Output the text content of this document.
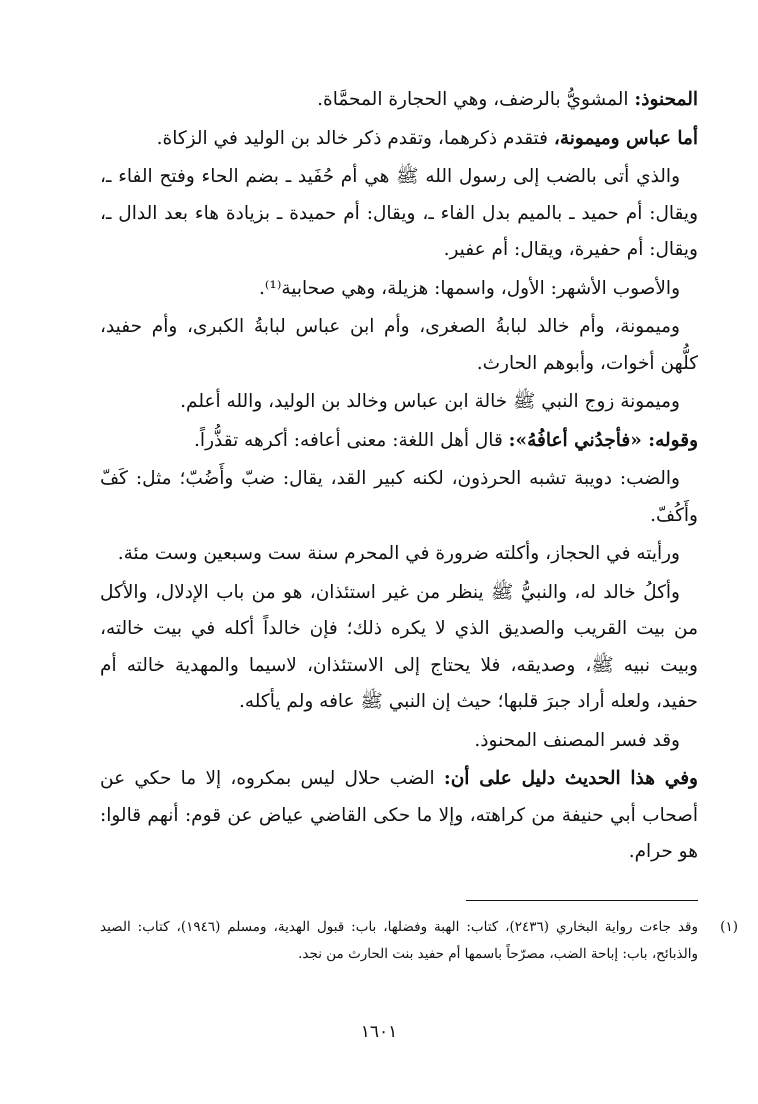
المحنوذ: المشويُّ بالرضف، وهي الحجارة المحمَّاة.

أما عباس وميمونة، فتقدم ذكرهما، وتقدم ذكر خالد بن الوليد في الزكاة.

والذي أتى بالضب إلى رسول الله ﷺ هي أم حُفَيد ـ بضم الحاء وفتح الفاء ـ، ويقال: أم حميد ـ بالميم بدل الفاء ـ، ويقال: أم حميدة ـ بزيادة هاء بعد الدال ـ، ويقال: أم حفيرة، ويقال: أم عفير.

والأصوب الأشهر: الأول، واسمها: هزيلة، وهي صحابية⁽¹⁾.

وميمونة، وأم خالد لبابةُ الصغرى، وأم ابن عباس لبابةُ الكبرى، وأم حفيد، كلُّهن أخوات، وأبوهم الحارث.

وميمونة زوج النبي ﷺ خالة ابن عباس وخالد بن الوليد، والله أعلم.

وقوله: «فأجدُني أعافُهُ»: قال أهل اللغة: معنى أعافه: أكرهه تقذُّراً.

والضب: دويبة تشبه الحرذون، لكنه كبير القد، يقال: ضبّ وأَضُبّ؛ مثل: كَفّ وأَكُفّ.

ورأيته في الحجاز، وأكلته ضرورة في المحرم سنة ست وسبعين وست مئة.

وأكلُ خالد له، والنبيُّ ﷺ ينظر من غير استئذان، هو من باب الإدلال، والأكل من بيت القريب والصديق الذي لا يكره ذلك؛ فإن خالداً أكله في بيت خالته، وبيت نبيه ﷺ، وصديقه، فلا يحتاج إلى الاستئذان، لاسيما والمهدية خالته أم حفيد، ولعله أراد جبرَ قلبها؛ حيث إن النبي ﷺ عافه ولم يأكله.

وقد فسر المصنف المحنوذ.

وفي هذا الحديث دليل على أن: الضب حلال ليس بمكروه، إلا ما حكي عن أصحاب أبي حنيفة من كراهته، وإلا ما حكى القاضي عياض عن قوم: أنهم قالوا: هو حرام.

(١)
وقد جاءت رواية البخاري (٢٤٣٦)، كتاب: الهبة وفضلها، باب: قبول الهدية، ومسلم (١٩٤٦)، كتاب: الصيد والذبائح، باب: إباحة الضب، مصرّحاً باسمها أم حفيد بنت الحارث من نجد.
١٦٠١
